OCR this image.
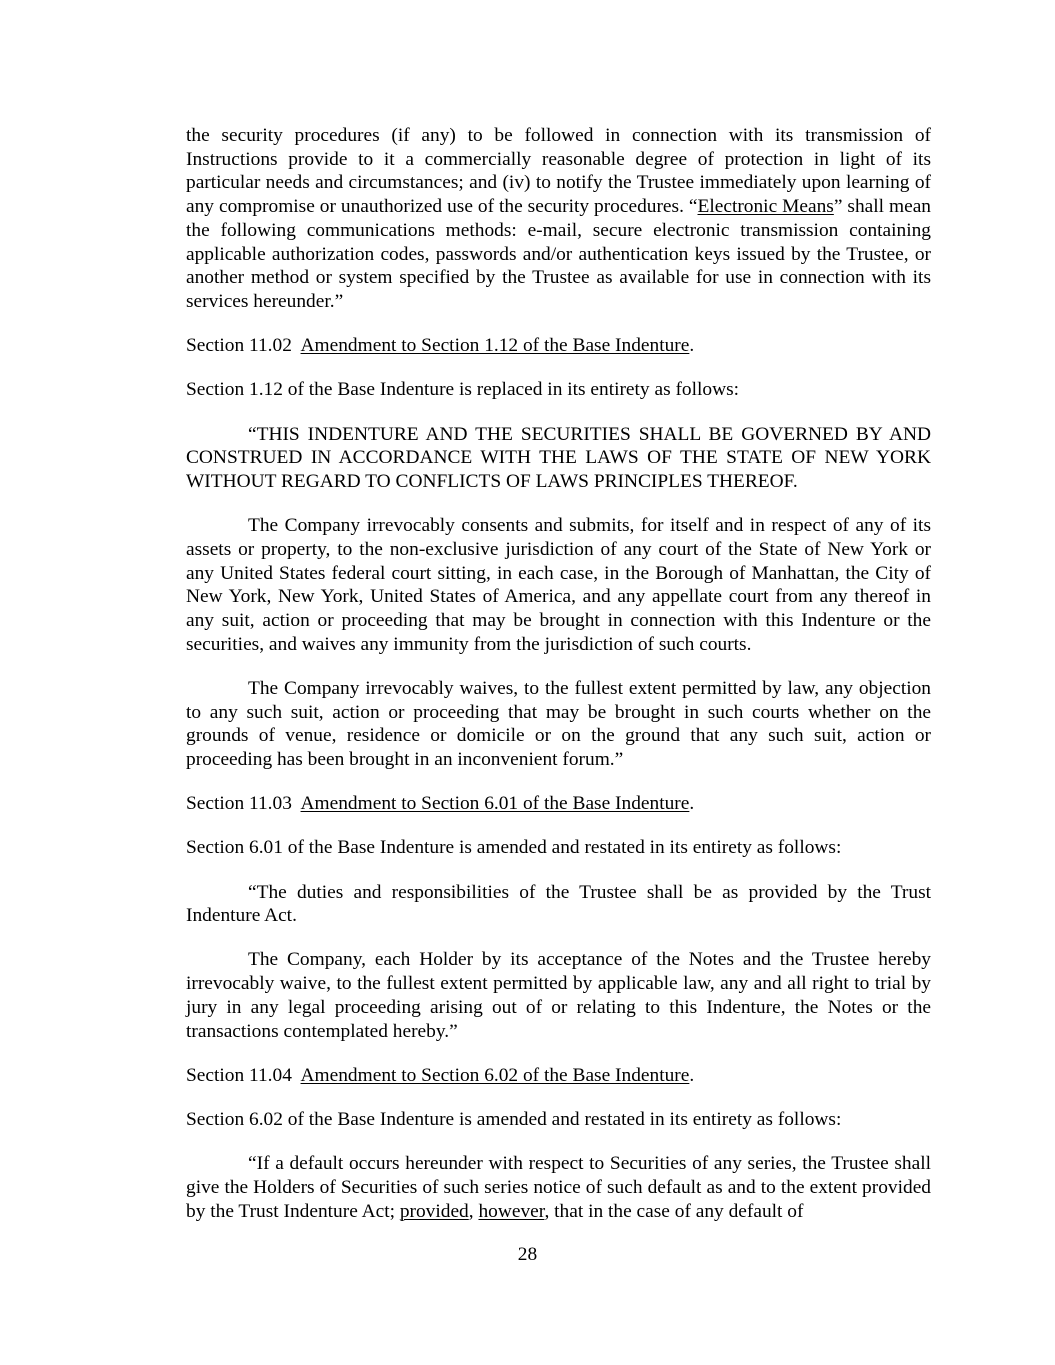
the security procedures (if any) to be followed in connection with its transmission of Instructions provide to it a commercially reasonable degree of protection in light of its particular needs and circumstances; and (iv) to notify the Trustee immediately upon learning of any compromise or unauthorized use of the security procedures. “Electronic Means” shall mean the following communications methods: e-mail, secure electronic transmission containing applicable authorization codes, passwords and/or authentication keys issued by the Trustee, or another method or system specified by the Trustee as available for use in connection with its services hereunder.”

Section 11.02  Amendment to Section 1.12 of the Base Indenture.

Section 1.12 of the Base Indenture is replaced in its entirety as follows:

“THIS INDENTURE AND THE SECURITIES SHALL BE GOVERNED BY AND CONSTRUED IN ACCORDANCE WITH THE LAWS OF THE STATE OF NEW YORK WITHOUT REGARD TO CONFLICTS OF LAWS PRINCIPLES THEREOF.

The Company irrevocably consents and submits, for itself and in respect of any of its assets or property, to the non-exclusive jurisdiction of any court of the State of New York or any United States federal court sitting, in each case, in the Borough of Manhattan, the City of New York, New York, United States of America, and any appellate court from any thereof in any suit, action or proceeding that may be brought in connection with this Indenture or the securities, and waives any immunity from the jurisdiction of such courts.

The Company irrevocably waives, to the fullest extent permitted by law, any objection to any such suit, action or proceeding that may be brought in such courts whether on the grounds of venue, residence or domicile or on the ground that any such suit, action or proceeding has been brought in an inconvenient forum.”

Section 11.03  Amendment to Section 6.01 of the Base Indenture.

Section 6.01 of the Base Indenture is amended and restated in its entirety as follows:

“The duties and responsibilities of the Trustee shall be as provided by the Trust Indenture Act.

The Company, each Holder by its acceptance of the Notes and the Trustee hereby irrevocably waive, to the fullest extent permitted by applicable law, any and all right to trial by jury in any legal proceeding arising out of or relating to this Indenture, the Notes or the transactions contemplated hereby.”

Section 11.04  Amendment to Section 6.02 of the Base Indenture.

Section 6.02 of the Base Indenture is amended and restated in its entirety as follows:

“If a default occurs hereunder with respect to Securities of any series, the Trustee shall give the Holders of Securities of such series notice of such default as and to the extent provided by the Trust Indenture Act; provided, however, that in the case of any default of

28
